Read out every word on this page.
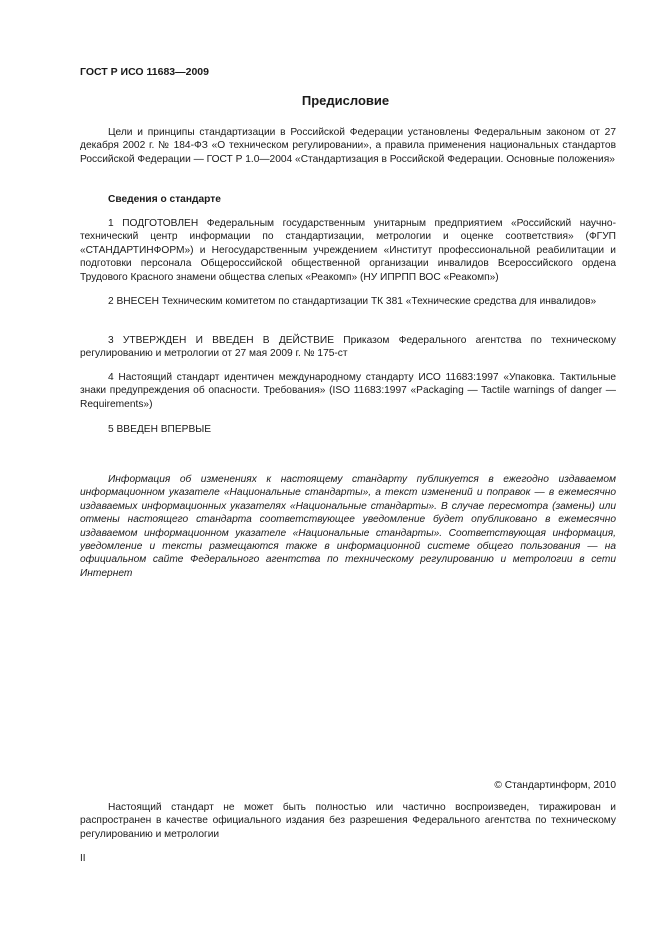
ГОСТ Р ИСО 11683—2009
Предисловие

Цели и принципы стандартизации в Российской Федерации установлены Федеральным законом от 27 декабря 2002 г. № 184-ФЗ «О техническом регулировании», а правила применения национальных стандартов Российской Федерации — ГОСТ Р 1.0—2004 «Стандартизация в Российской Федерации. Основные положения»

Сведения о стандарте

1 ПОДГОТОВЛЕН Федеральным государственным унитарным предприятием «Российский научно-технический центр информации по стандартизации, метрологии и оценке соответствия» (ФГУП «СТАНДАРТИНФОРМ») и Негосударственным учреждением «Институт профессиональной реабилитации и подготовки персонала Общероссийской общественной организации инвалидов Всероссийского ордена Трудового Красного знамени общества слепых «Реакомп» (НУ ИПРПП ВОС «Реакомп»)

2 ВНЕСЕН Техническим комитетом по стандартизации ТК 381 «Технические средства для инвалидов»

3 УТВЕРЖДЕН И ВВЕДЕН В ДЕЙСТВИЕ Приказом Федерального агентства по техническому регулированию и метрологии от 27 мая 2009 г. № 175-ст

4 Настоящий стандарт идентичен международному стандарту ИСО 11683:1997 «Упаковка. Тактильные знаки предупреждения об опасности. Требования» (ISO 11683:1997 «Packaging — Tactile warnings of danger — Requirements»)

5 ВВЕДЕН ВПЕРВЫЕ

Информация об изменениях к настоящему стандарту публикуется в ежегодно издаваемом информационном указателе «Национальные стандарты», а текст изменений и поправок — в ежемесячно издаваемых информационных указателях «Национальные стандарты». В случае пересмотра (замены) или отмены настоящего стандарта соответствующее уведомление будет опубликовано в ежемесячно издаваемом информационном указателе «Национальные стандарты». Соответствующая информация, уведомление и тексты размещаются также в информационной системе общего пользования — на официальном сайте Федерального агентства по техническому регулированию и метрологии в сети Интернет

© Стандартинформ, 2010

Настоящий стандарт не может быть полностью или частично воспроизведен, тиражирован и распространен в качестве официального издания без разрешения Федерального агентства по техническому регулированию и метрологии

II
